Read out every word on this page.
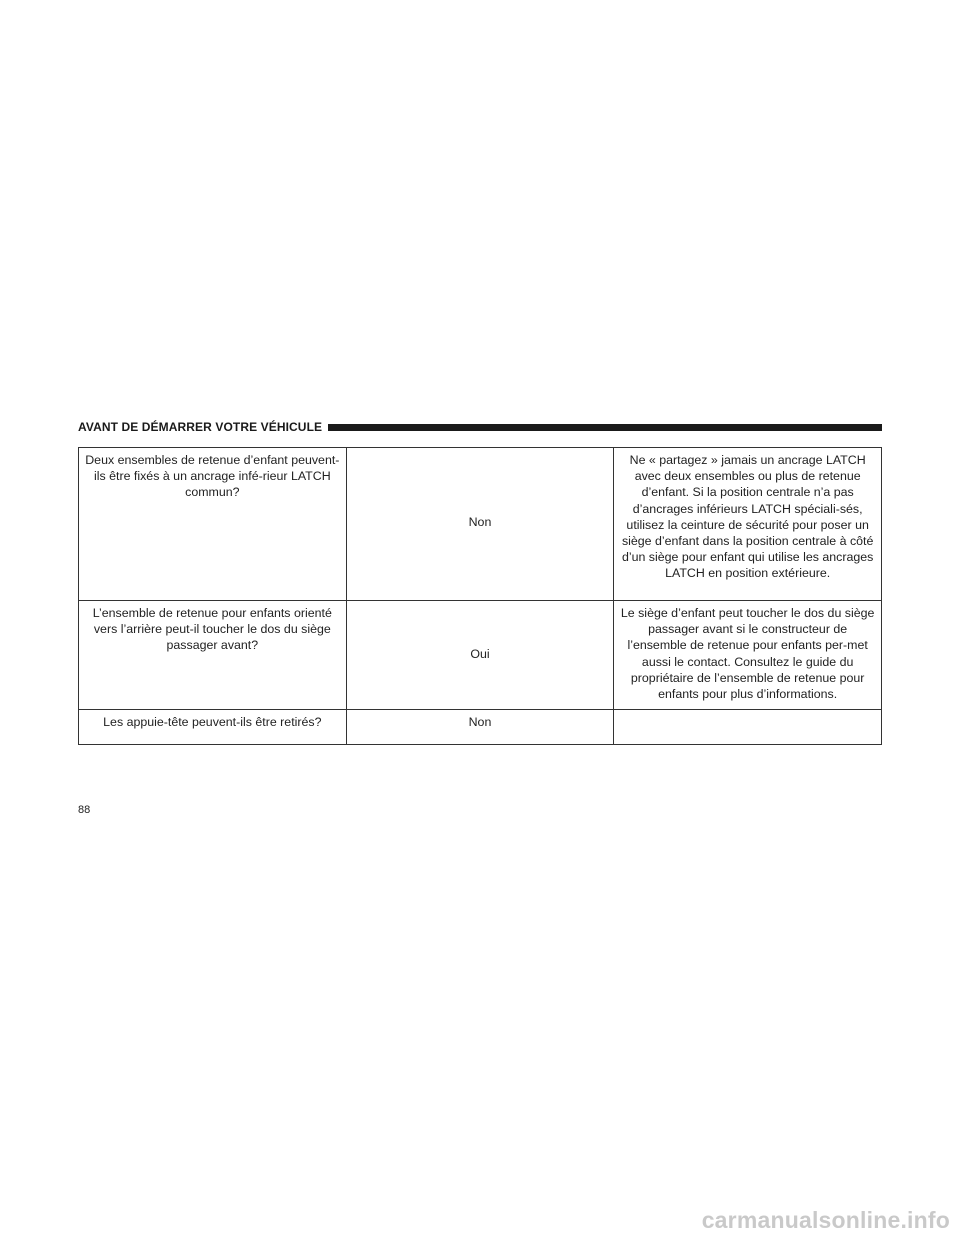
AVANT DE DÉMARRER VOTRE VÉHICULE
Deux ensembles de retenue d’enfant peuvent-ils être fixés à un ancrage infé-rieur LATCH commun?	Non	Ne « partagez » jamais un ancrage LATCH avec deux ensembles ou plus de retenue d’enfant. Si la position centrale n’a pas d’ancrages inférieurs LATCH spéciali-sés, utilisez la ceinture de sécurité pour poser un siège d’enfant dans la position centrale à côté d’un siège pour enfant qui utilise les ancrages LATCH en position extérieure.
L’ensemble de retenue pour enfants orienté vers l’arrière peut-il toucher le dos du siège passager avant?	Oui	Le siège d’enfant peut toucher le dos du siège passager avant si le constructeur de l’ensemble de retenue pour enfants per-met aussi le contact. Consultez le guide du propriétaire de l’ensemble de retenue pour enfants pour plus d’informations.
Les appuie-tête peuvent-ils être retirés?	Non	
88
carmanualsonline.info
